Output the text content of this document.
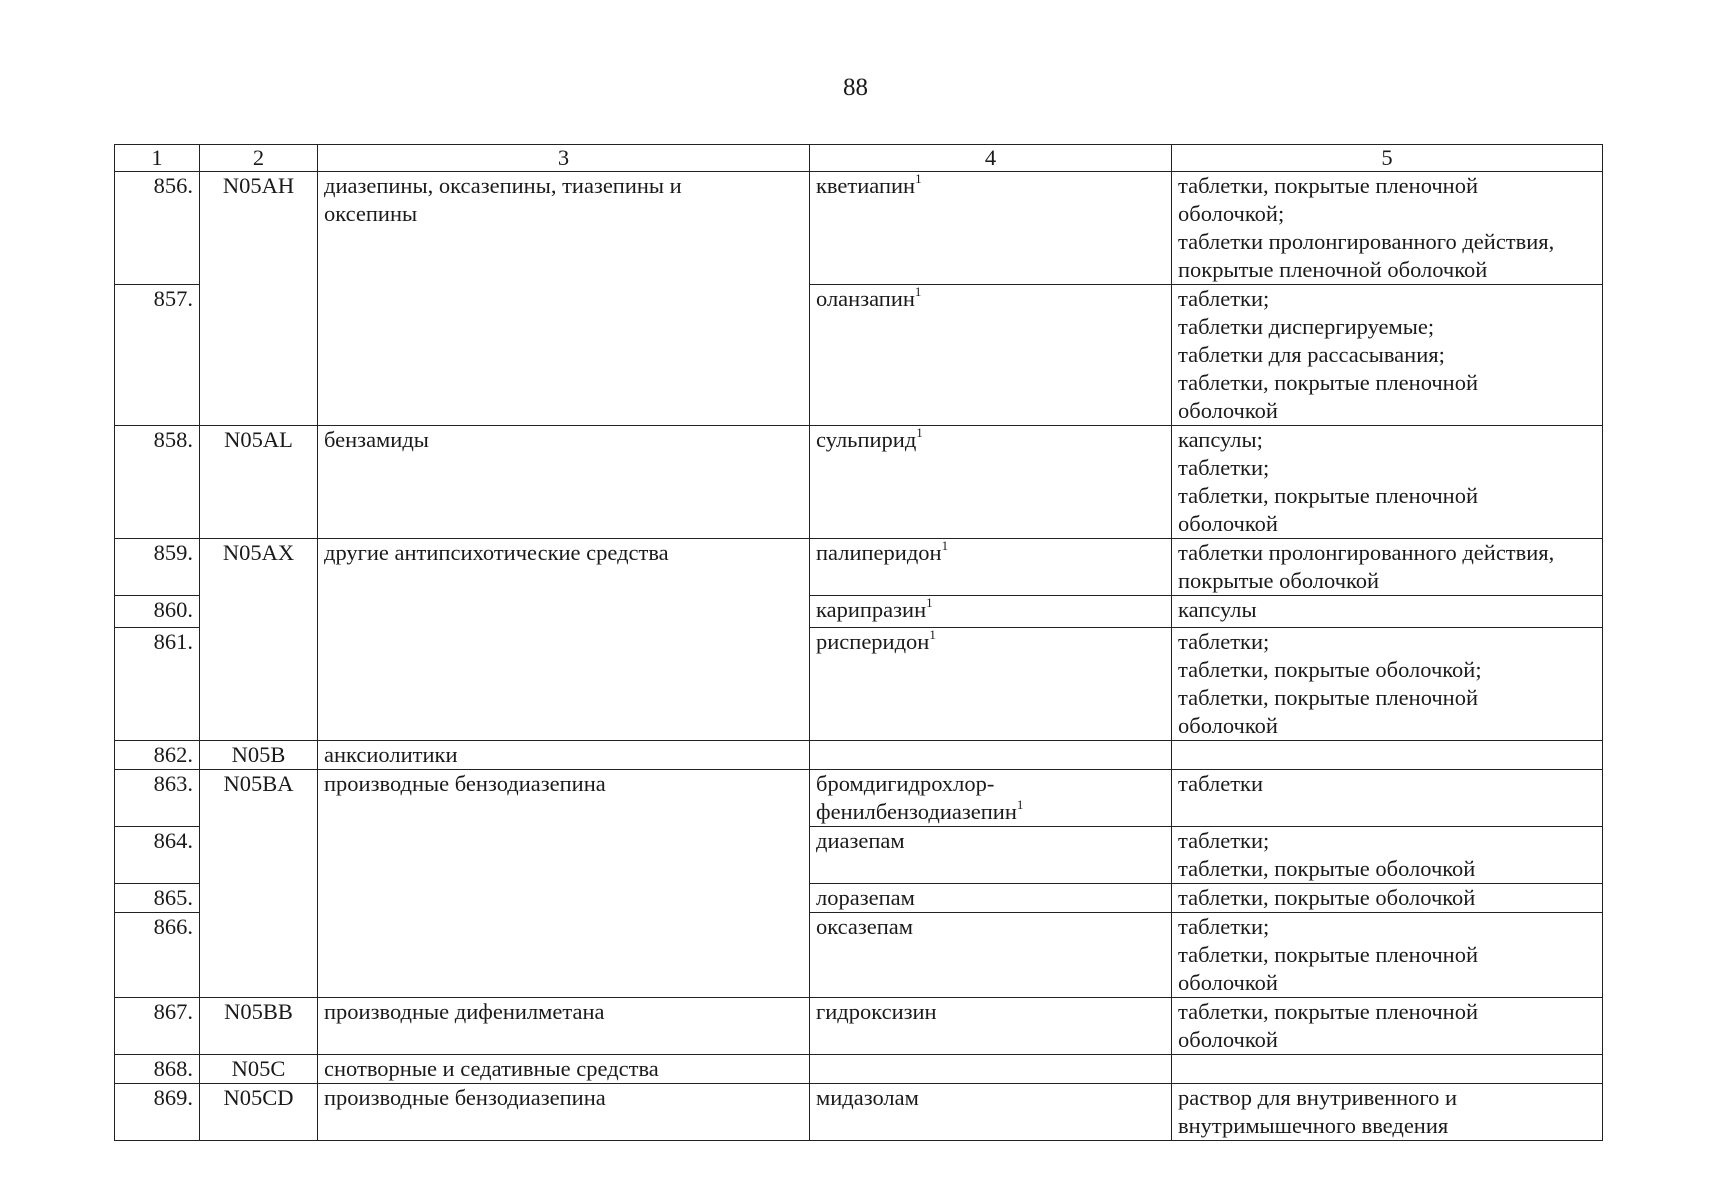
88
1	2	3	4	5
856.	N05AH	диазепины, оксазепины, тиазепины и
оксепины	кветиапин$^1$	таблетки, покрытые пленочной
оболочкой;
таблетки пролонгированного действия,
покрытые пленочной оболочкой

857.			оланзапин$^1$	таблетки;
таблетки диспергируемые;
таблетки для рассасывания;
таблетки, покрытые пленочной
оболочкой

858.	N05AL	бензамиды	сульпирид$^1$	капсулы;
таблетки;
таблетки, покрытые пленочной
оболочкой

859.	N05AX	другие антипсихотические средства	палиперидон$^1$	таблетки пролонгированного действия,
покрытые оболочкой

860.			карипразин$^1$	капсулы

861.			рисперидон$^1$	таблетки;
таблетки, покрытые оболочкой;
таблетки, покрытые пленочной
оболочкой

862.	N05B	анксиолитики		

863.	N05BA	производные бензодиазепина	бромдигидрохлор-
фенилбензодиазепин$^1$	таблетки

864.			диазепам	таблетки;
таблетки, покрытые оболочкой

865.			лоразепам	таблетки, покрытые оболочкой

866.			оксазепам	таблетки;
таблетки, покрытые пленочной
оболочкой

867.	N05BB	производные дифенилметана	гидроксизин	таблетки, покрытые пленочной
оболочкой

868.	N05C	снотворные и седативные средства		

869.	N05CD	производные бензодиазепина	мидазолам	раствор для внутривенного и
внутримышечного введения
